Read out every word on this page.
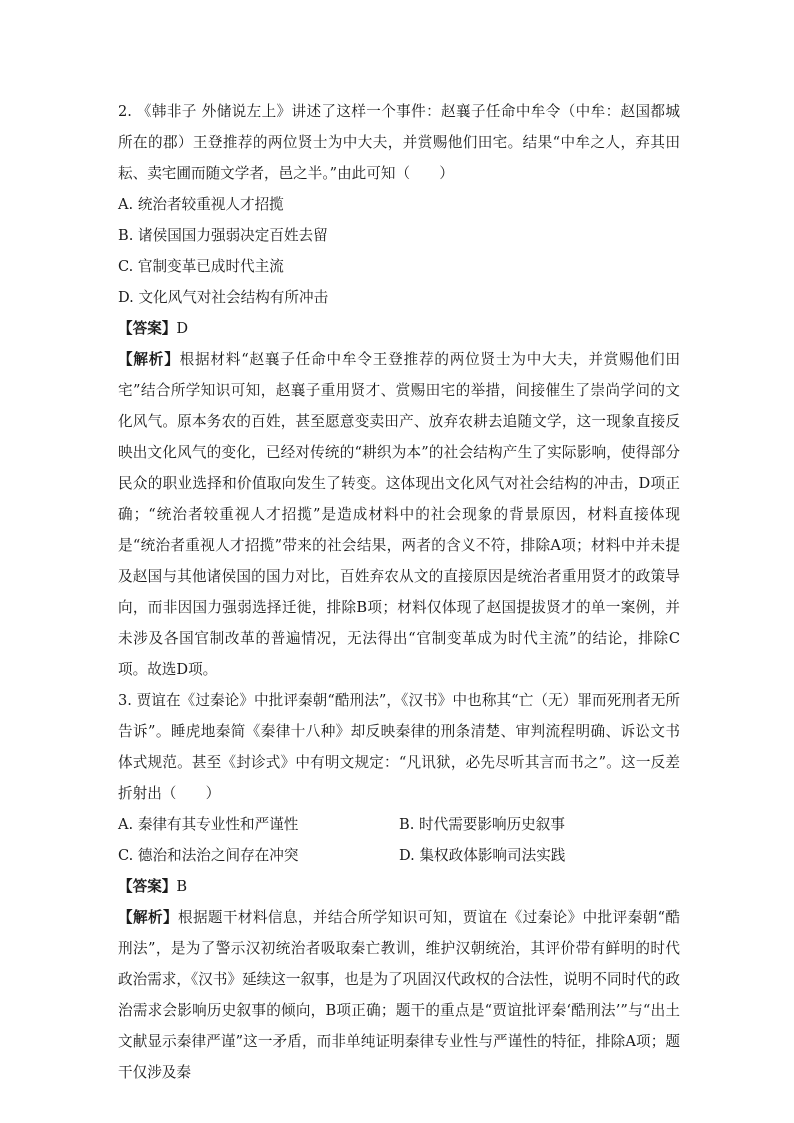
2. 《韩非子 外储说左上》讲述了这样一个事件：赵襄子任命中牟令（中牟：赵国都城所在的郡）王登推荐的两位贤士为中大夫，并赏赐他们田宅。结果“中牟之人，弃其田耘、卖宅圃而随文学者，邑之半。”由此可知（　　）

A. 统治者较重视人才招揽

B. 诸侯国国力强弱决定百姓去留

C. 官制变革已成时代主流

D. 文化风气对社会结构有所冲击

【答案】D

【解析】根据材料“赵襄子任命中牟令王登推荐的两位贤士为中大夫，并赏赐他们田宅”结合所学知识可知，赵襄子重用贤才、赏赐田宅的举措，间接催生了崇尚学问的文化风气。原本务农的百姓，甚至愿意变卖田产、放弃农耕去追随文学，这一现象直接反映出文化风气的变化，已经对传统的“耕织为本”的社会结构产生了实际影响，使得部分民众的职业选择和价值取向发生了转变。这体现出文化风气对社会结构的冲击，D项正确；“统治者较重视人才招揽”是造成材料中的社会现象的背景原因，材料直接体现是“统治者重视人才招揽”带来的社会结果，两者的含义不符，排除A项；材料中并未提及赵国与其他诸侯国的国力对比，百姓弃农从文的直接原因是统治者重用贤才的政策导向，而非因国力强弱选择迁徙，排除B项；材料仅体现了赵国提拔贤才的单一案例，并未涉及各国官制改革的普遍情况，无法得出“官制变革成为时代主流”的结论，排除C项。故选D项。

3. 贾谊在《过秦论》中批评秦朝“酷刑法”，《汉书》中也称其“亡（无）罪而死刑者无所告诉”。睡虎地秦简《秦律十八种》却反映秦律的刑条清楚、审判流程明确、诉讼文书体式规范。甚至《封诊式》中有明文规定：“凡讯狱，必先尽听其言而书之”。这一反差折射出（　　）

A. 秦律有其专业性和严谨性	B. 时代需要影响历史叙事
C. 德治和法治之间存在冲突	D. 集权政体影响司法实践

【答案】B

【解析】根据题干材料信息，并结合所学知识可知，贾谊在《过秦论》中批评秦朝“酷刑法”，是为了警示汉初统治者吸取秦亡教训，维护汉朝统治，其评价带有鲜明的时代政治需求，《汉书》延续这一叙事，也是为了巩固汉代政权的合法性，说明不同时代的政治需求会影响历史叙事的倾向，B项正确；题干的重点是“贾谊批评秦‘酷刑法’”与“出土文献显示秦律严谨”这一矛盾，而非单纯证明秦律专业性与严谨性的特征，排除A项；题干仅涉及秦
